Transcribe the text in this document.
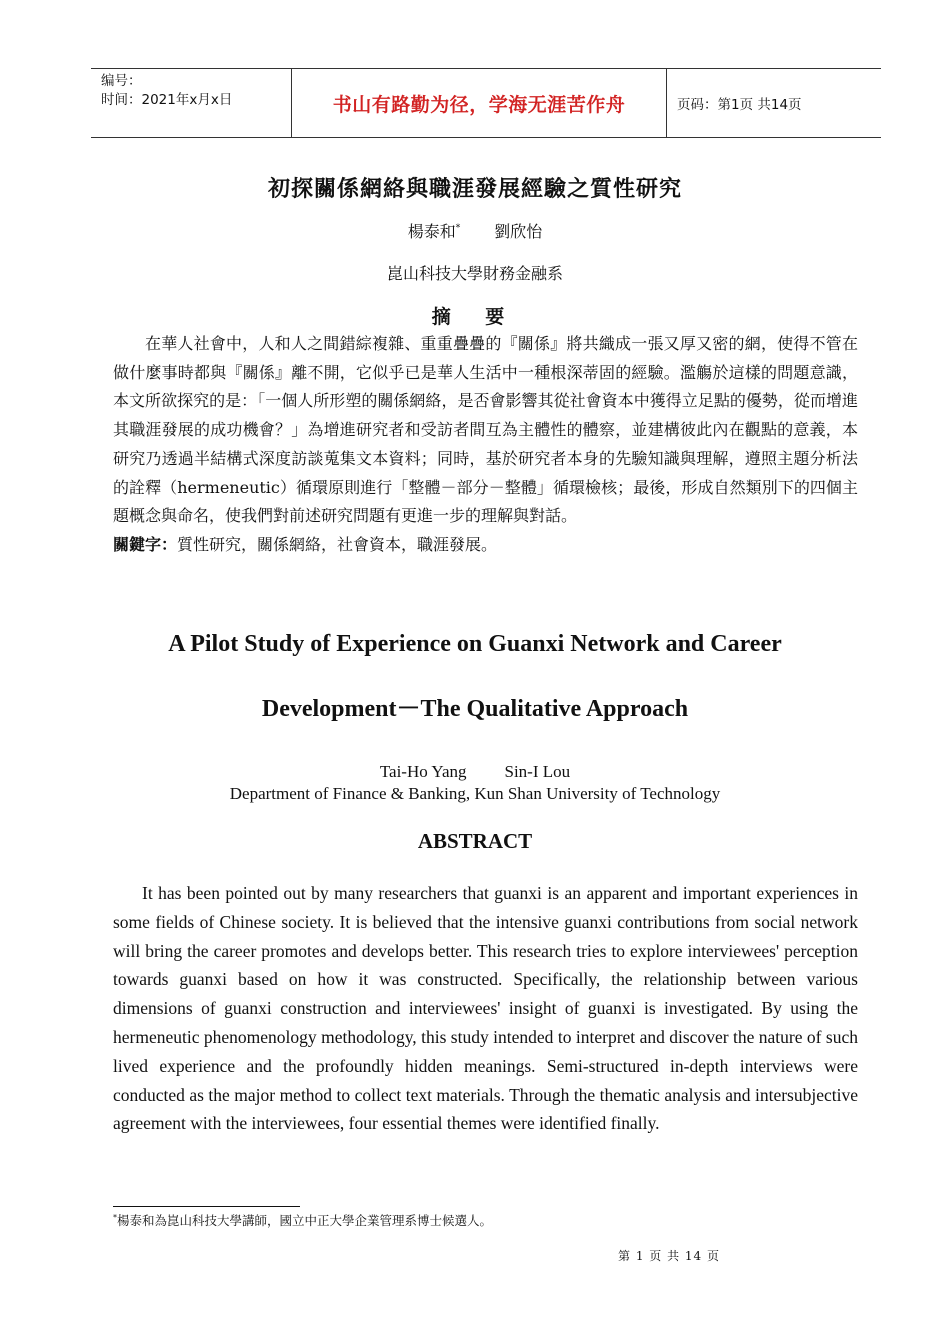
编号：
时间：2021年x月x日	书山有路勤为径，学海无涯苦作舟	页码：第1页 共14页
初探關係網絡與職涯發展經驗之質性研究
楊泰和* 劉欣怡
崑山科技大學財務金融系
摘 要
在華人社會中，人和人之間錯綜複雜、重重疊疊的『關係』將共織成一張又厚又密的網，使得不管在做什麼事時都與『關係』離不開，它似乎已是華人生活中一種根深蒂固的經驗。濫觴於這樣的問題意識，本文所欲探究的是：「一個人所形塑的關係網絡，是否會影響其從社會資本中獲得立足點的優勢，從而增進其職涯發展的成功機會？」為增進研究者和受訪者間互為主體性的體察，並建構彼此內在觀點的意義，本研究乃透過半結構式深度訪談蒐集文本資料；同時，基於研究者本身的先驗知識與理解，遵照主題分析法的詮釋（hermeneutic）循環原則進行「整體－部分－整體」循環檢核；最後，形成自然類別下的四個主題概念與命名，使我們對前述研究問題有更進一步的理解與對話。
關鍵字：質性研究，關係網絡，社會資本，職涯發展。
A Pilot Study of Experience on Guanxi Network and Career
Development－The Qualitative Approach
Tai-Ho Yang Sin-I Lou
Department of Finance & Banking, Kun Shan University of Technology
ABSTRACT
It has been pointed out by many researchers that guanxi is an apparent and important experiences in some fields of Chinese society. It is believed that the intensive guanxi contributions from social network will bring the career promotes and develops better. This research tries to explore interviewees' perception towards guanxi based on how it was constructed. Specifically, the relationship between various dimensions of guanxi construction and interviewees' insight of guanxi is investigated. By using the hermeneutic phenomenology methodology, this study intended to interpret and discover the nature of such lived experience and the profoundly hidden meanings. Semi-structured in-depth interviews were conducted as the major method to collect text materials. Through the thematic analysis and intersubjective agreement with the interviewees, four essential themes were identified finally.
*楊泰和為崑山科技大學講師，國立中正大學企業管理系博士候選人。
第 1 页 共 14 页
